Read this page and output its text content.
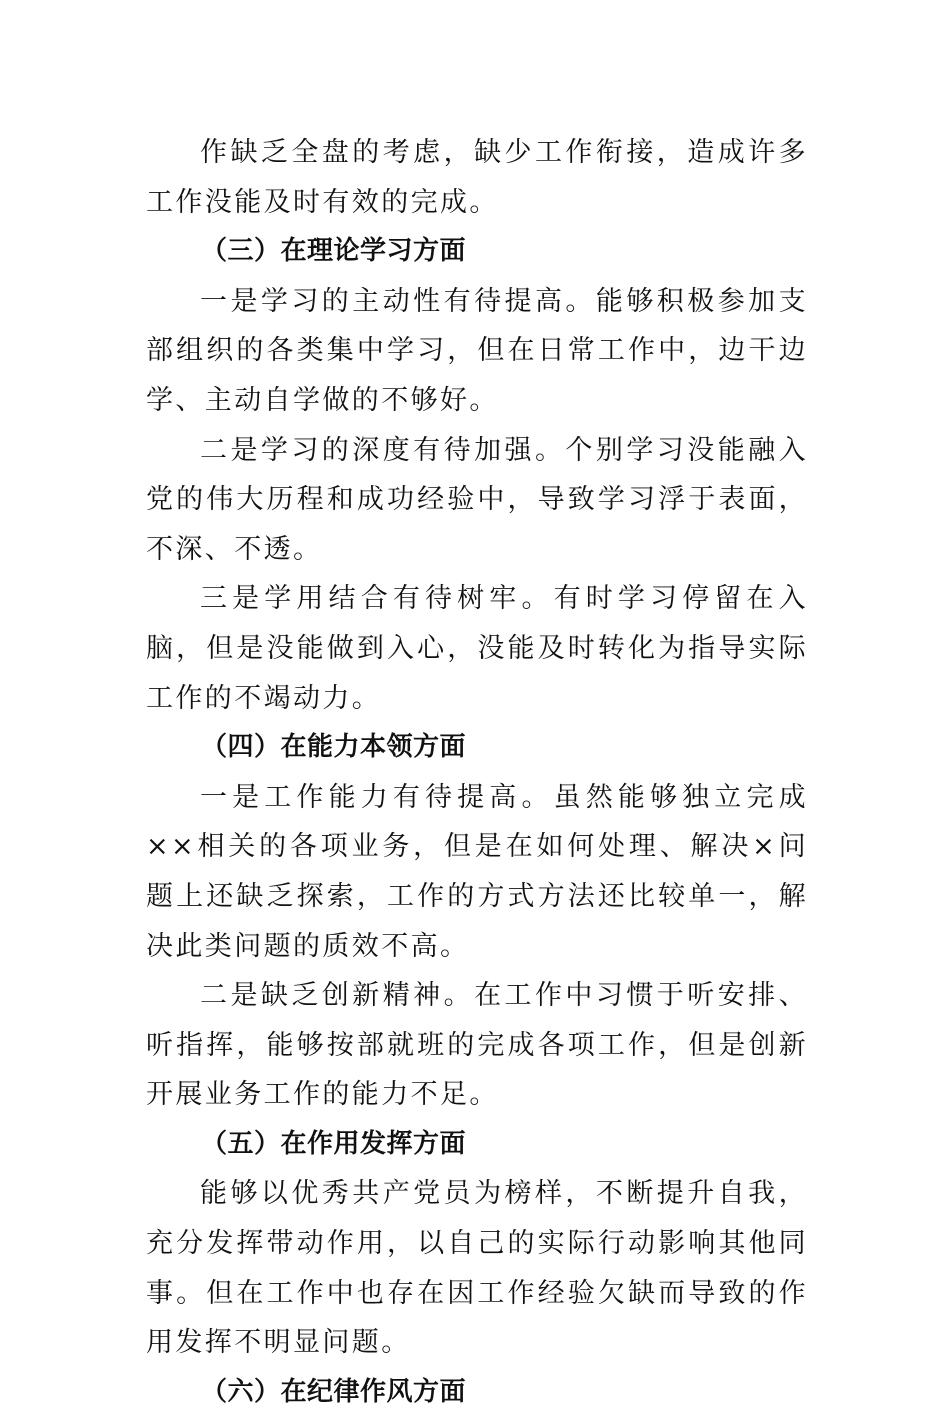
作缺乏全盘的考虑，缺少工作衔接，造成许多工作没能及时有效的完成。

（三）在理论学习方面

一是学习的主动性有待提高。能够积极参加支部组织的各类集中学习，但在日常工作中，边干边学、主动自学做的不够好。

二是学习的深度有待加强。个别学习没能融入党的伟大历程和成功经验中，导致学习浮于表面，不深、不透。

三是学用结合有待树牢。有时学习停留在入脑，但是没能做到入心，没能及时转化为指导实际工作的不竭动力。

（四）在能力本领方面

一是工作能力有待提高。虽然能够独立完成××相关的各项业务，但是在如何处理、解决×问题上还缺乏探索，工作的方式方法还比较单一，解决此类问题的质效不高。

二是缺乏创新精神。在工作中习惯于听安排、听指挥，能够按部就班的完成各项工作，但是创新开展业务工作的能力不足。

（五）在作用发挥方面

能够以优秀共产党员为榜样，不断提升自我，充分发挥带动作用，以自己的实际行动影响其他同事。但在工作中也存在因工作经验欠缺而导致的作用发挥不明显问题。

（六）在纪律作风方面
